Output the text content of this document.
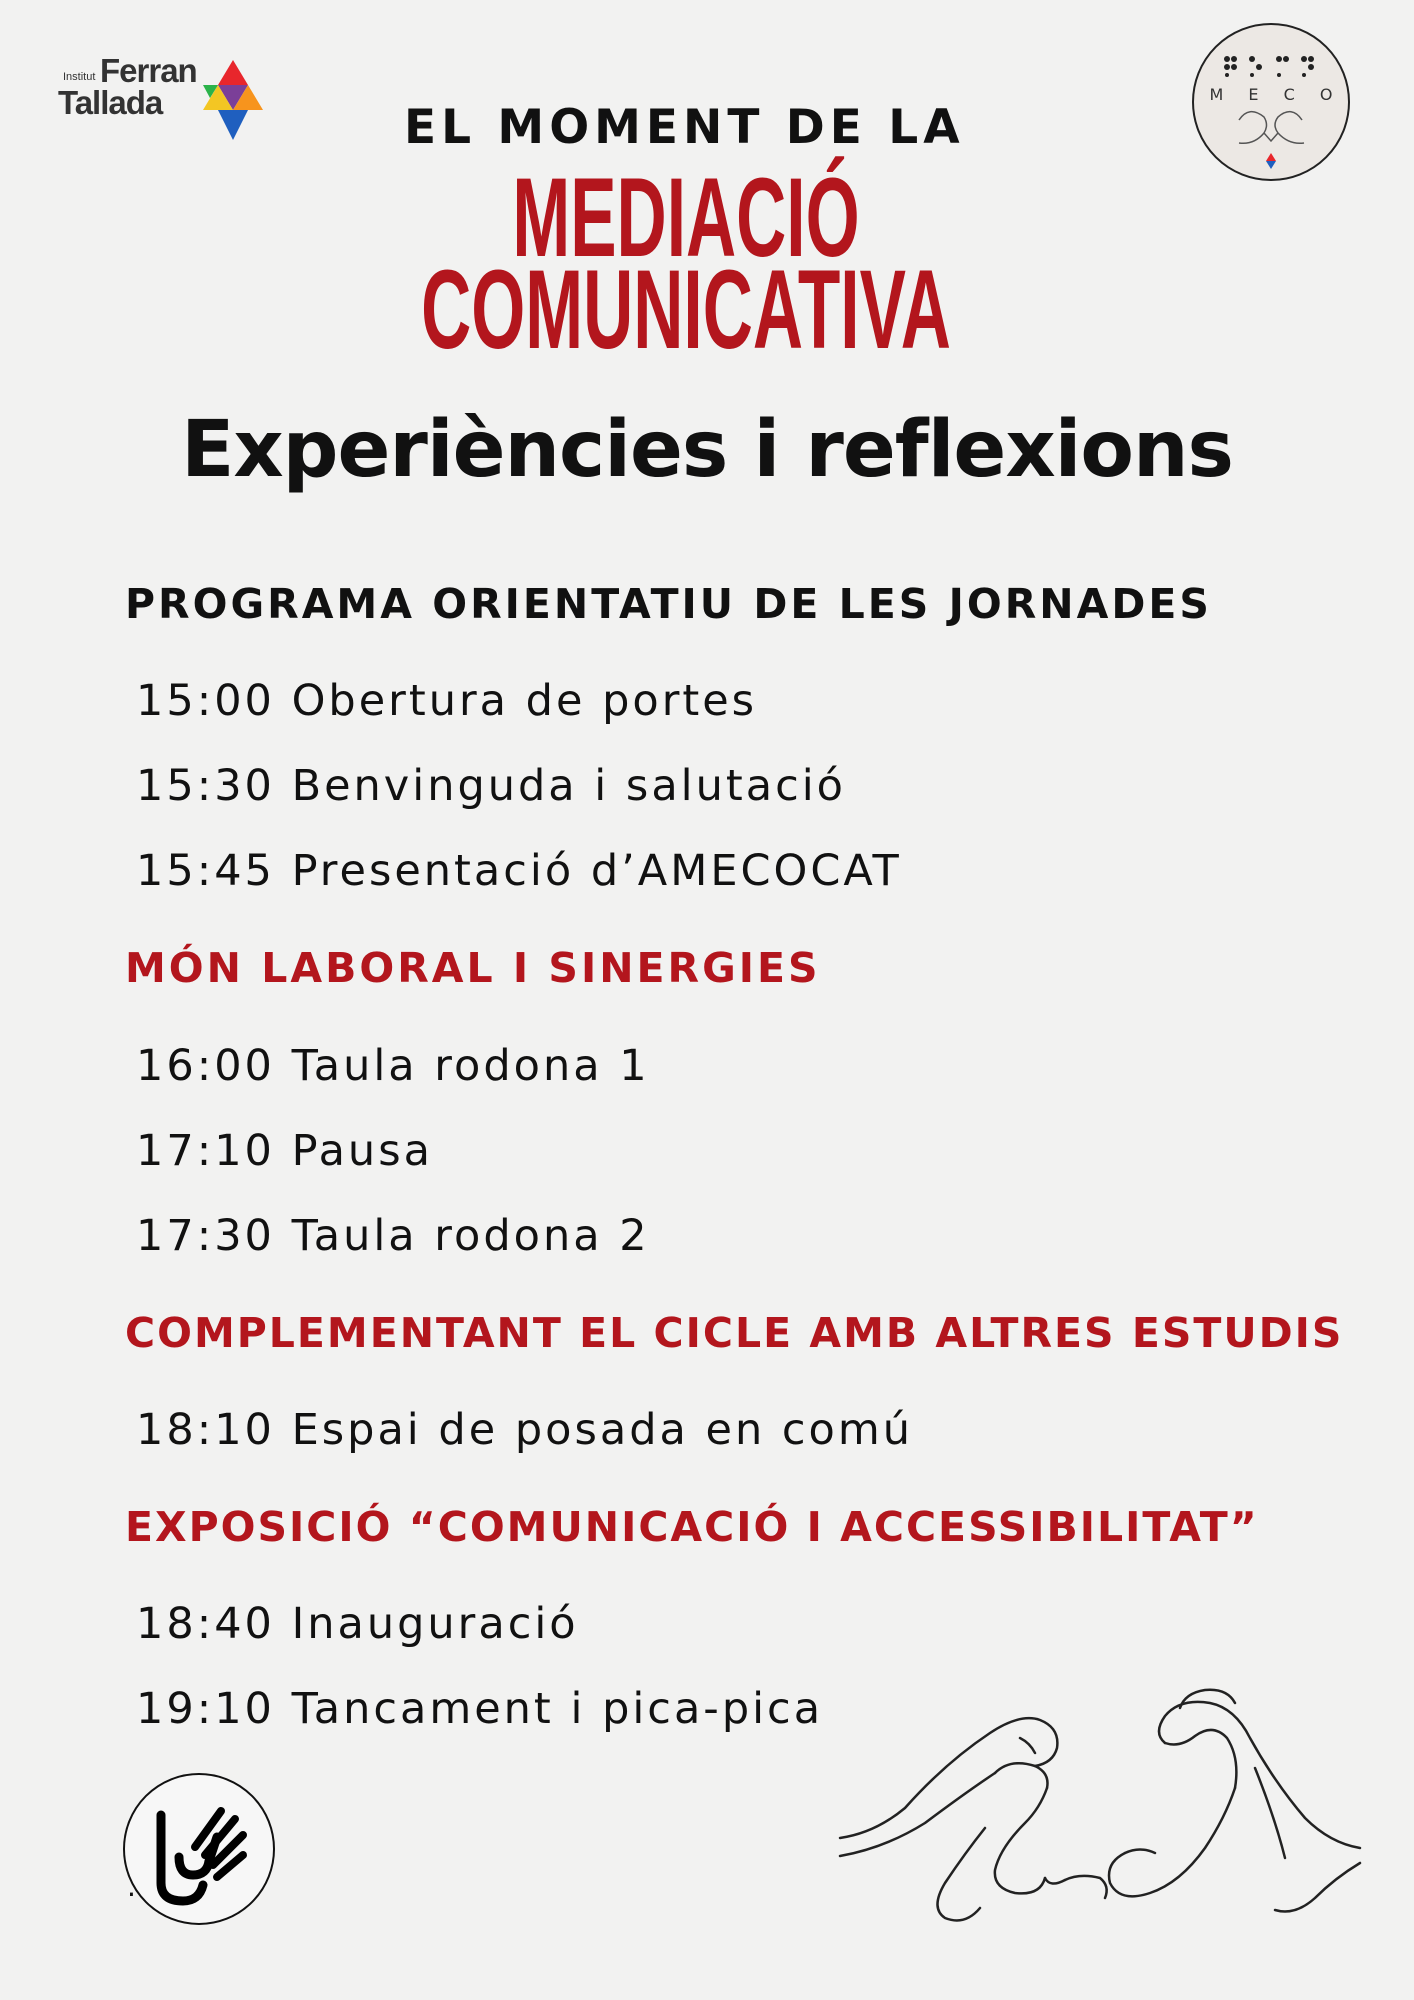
Institut Ferran
Tallada	M E C O
EL MOMENT DE LA
MEDIACIÓ
COMUNICATIVA
Experiències i reflexions
PROGRAMA ORIENTATIU DE LES JORNADES
15:00 Obertura de portes
15:30 Benvinguda i salutació
15:45 Presentació d’AMECOCAT
MÓN LABORAL I SINERGIES
16:00 Taula rodona 1
17:10 Pausa
17:30 Taula rodona 2
COMPLEMENTANT EL CICLE AMB ALTRES ESTUDIS
18:10 Espai de posada en comú
EXPOSICIÓ “COMUNICACIÓ I ACCESSIBILITAT”
18:40 Inauguració
19:10 Tancament i pica-pica
.
